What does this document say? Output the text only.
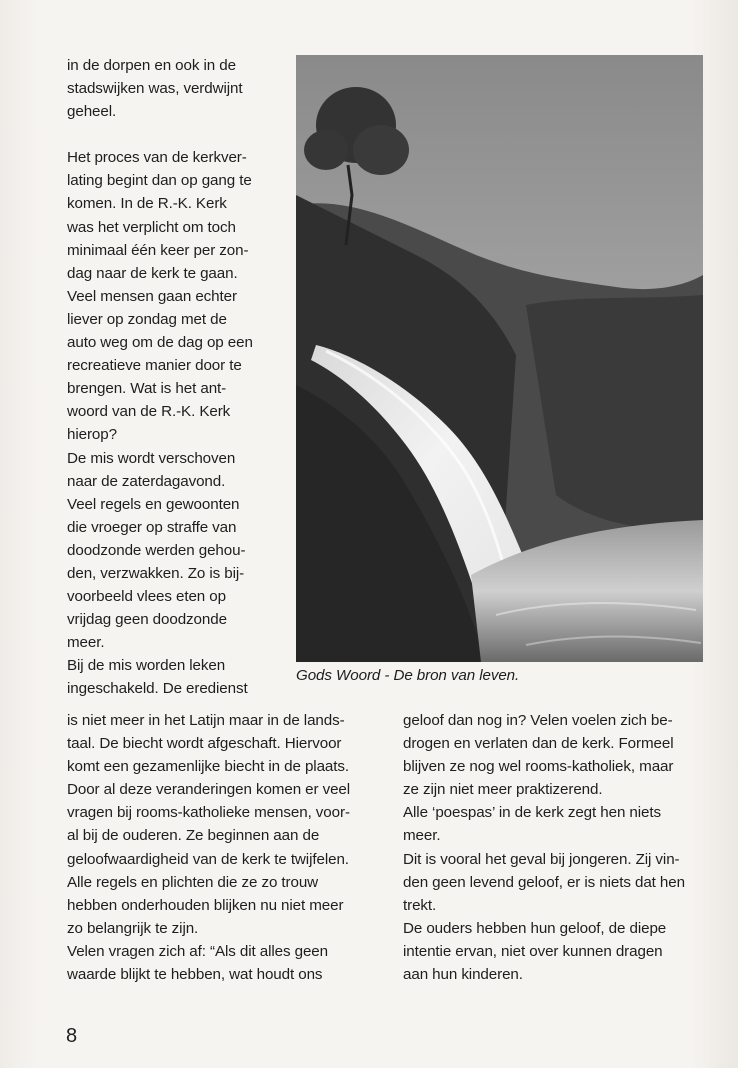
in de dorpen en ook in de
stadswijken was, verdwijnt
geheel.

Het proces van de kerkver-
lating begint dan op gang te
komen. In de R.-K. Kerk
was het verplicht om toch
minimaal één keer per zon-
dag naar de kerk te gaan.
Veel mensen gaan echter
liever op zondag met de
auto weg om de dag op een
recreatieve manier door te
brengen. Wat is het ant-
woord van de R.-K. Kerk
hierop?

De mis wordt verschoven
naar de zaterdagavond.
Veel regels en gewoonten
die vroeger op straffe van
doodzonde werden gehou-
den, verzwakken. Zo is bij-
voorbeeld vlees eten op
vrijdag geen doodzonde
meer.

Bij de mis worden leken
ingeschakeld. De eredienst

Gods Woord - De bron van leven.

is niet meer in het Latijn maar in de lands-
taal. De biecht wordt afgeschaft. Hiervoor
komt een gezamenlijke biecht in de plaats.
Door al deze veranderingen komen er veel
vragen bij rooms-katholieke mensen, voor-
al bij de ouderen. Ze beginnen aan de
geloofwaardigheid van de kerk te twijfelen.
Alle regels en plichten die ze zo trouw
hebben onderhouden blijken nu niet meer
zo belangrijk te zijn.

Velen vragen zich af: “Als dit alles geen
waarde blijkt te hebben, wat houdt ons

geloof dan nog in? Velen voelen zich be-
drogen en verlaten dan de kerk. Formeel
blijven ze nog wel rooms-katholiek, maar
ze zijn niet meer praktizerend.

Alle ‘poespas’ in de kerk zegt hen niets
meer.

Dit is vooral het geval bij jongeren. Zij vin-
den geen levend geloof, er is niets dat hen
trekt.

De ouders hebben hun geloof, de diepe
intentie ervan, niet over kunnen dragen
aan hun kinderen.

8
